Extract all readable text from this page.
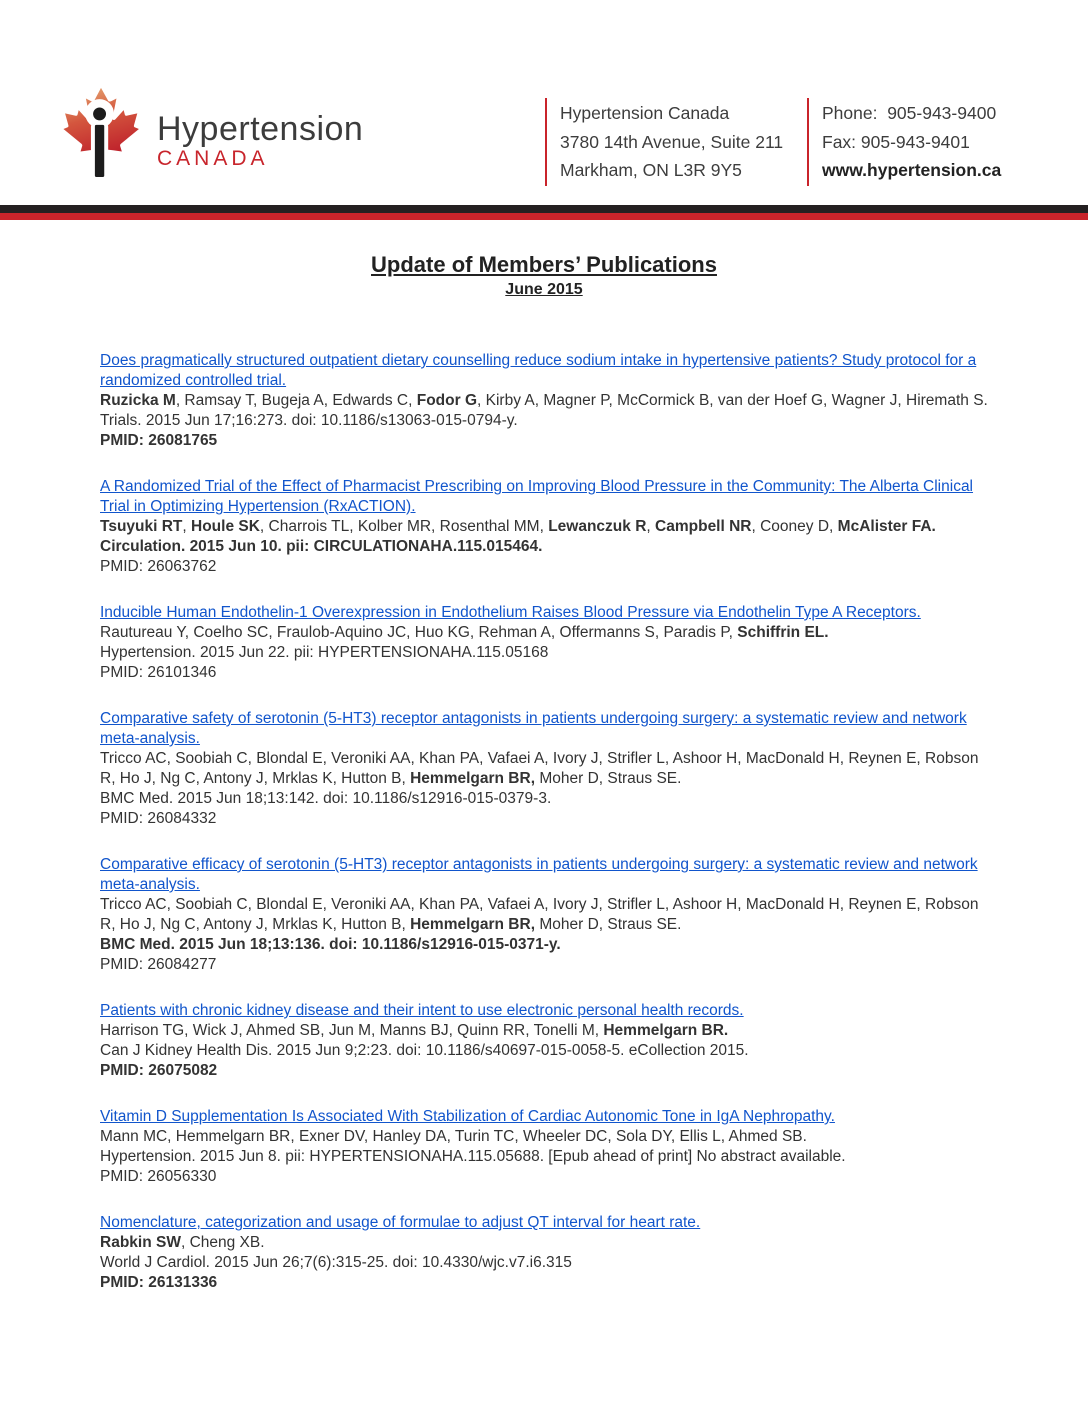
Hypertension
CANADA
Hypertension Canada
3780 14th Avenue, Suite 211
Markham, ON L3R 9Y5
Phone:  905-943-9400
Fax: 905-943-9401
www.hypertension.ca
Update of Members’ Publications
June 2015
Does pragmatically structured outpatient dietary counselling reduce sodium intake in hypertensive patients? Study protocol for a randomized controlled trial.

Ruzicka M, Ramsay T, Bugeja A, Edwards C, Fodor G, Kirby A, Magner P, McCormick B, van der Hoef G, Wagner J, Hiremath S.

Trials. 2015 Jun 17;16:273. doi: 10.1186/s13063-015-0794-y.

PMID: 26081765

A Randomized Trial of the Effect of Pharmacist Prescribing on Improving Blood Pressure in the Community: The Alberta Clinical Trial in Optimizing Hypertension (RxACTION).

Tsuyuki RT, Houle SK, Charrois TL, Kolber MR, Rosenthal MM, Lewanczuk R, Campbell NR, Cooney D, McAlister FA.

Circulation. 2015 Jun 10. pii: CIRCULATIONAHA.115.015464.

PMID: 26063762

Inducible Human Endothelin-1 Overexpression in Endothelium Raises Blood Pressure via Endothelin Type A Receptors.

Rautureau Y, Coelho SC, Fraulob-Aquino JC, Huo KG, Rehman A, Offermanns S, Paradis P, Schiffrin EL.

Hypertension. 2015 Jun 22. pii: HYPERTENSIONAHA.115.05168

PMID: 26101346

Comparative safety of serotonin (5-HT3) receptor antagonists in patients undergoing surgery: a systematic review and network meta-analysis.

Tricco AC, Soobiah C, Blondal E, Veroniki AA, Khan PA, Vafaei A, Ivory J, Strifler L, Ashoor H, MacDonald H, Reynen E, Robson R, Ho J, Ng C, Antony J, Mrklas K, Hutton B, Hemmelgarn BR, Moher D, Straus SE.

BMC Med. 2015 Jun 18;13:142. doi: 10.1186/s12916-015-0379-3.

PMID: 26084332

Comparative efficacy of serotonin (5-HT3) receptor antagonists in patients undergoing surgery: a systematic review and network meta-analysis.

Tricco AC, Soobiah C, Blondal E, Veroniki AA, Khan PA, Vafaei A, Ivory J, Strifler L, Ashoor H, MacDonald H, Reynen E, Robson R, Ho J, Ng C, Antony J, Mrklas K, Hutton B, Hemmelgarn BR, Moher D, Straus SE.

BMC Med. 2015 Jun 18;13:136. doi: 10.1186/s12916-015-0371-y.

PMID: 26084277

Patients with chronic kidney disease and their intent to use electronic personal health records.

Harrison TG, Wick J, Ahmed SB, Jun M, Manns BJ, Quinn RR, Tonelli M, Hemmelgarn BR.

Can J Kidney Health Dis. 2015 Jun 9;2:23. doi: 10.1186/s40697-015-0058-5. eCollection 2015.

PMID: 26075082

Vitamin D Supplementation Is Associated With Stabilization of Cardiac Autonomic Tone in IgA Nephropathy.

Mann MC, Hemmelgarn BR, Exner DV, Hanley DA, Turin TC, Wheeler DC, Sola DY, Ellis L, Ahmed SB.

Hypertension. 2015 Jun 8. pii: HYPERTENSIONAHA.115.05688. [Epub ahead of print] No abstract available.

PMID: 26056330

Nomenclature, categorization and usage of formulae to adjust QT interval for heart rate.

Rabkin SW, Cheng XB.

World J Cardiol. 2015 Jun 26;7(6):315-25. doi: 10.4330/wjc.v7.i6.315

PMID: 26131336
